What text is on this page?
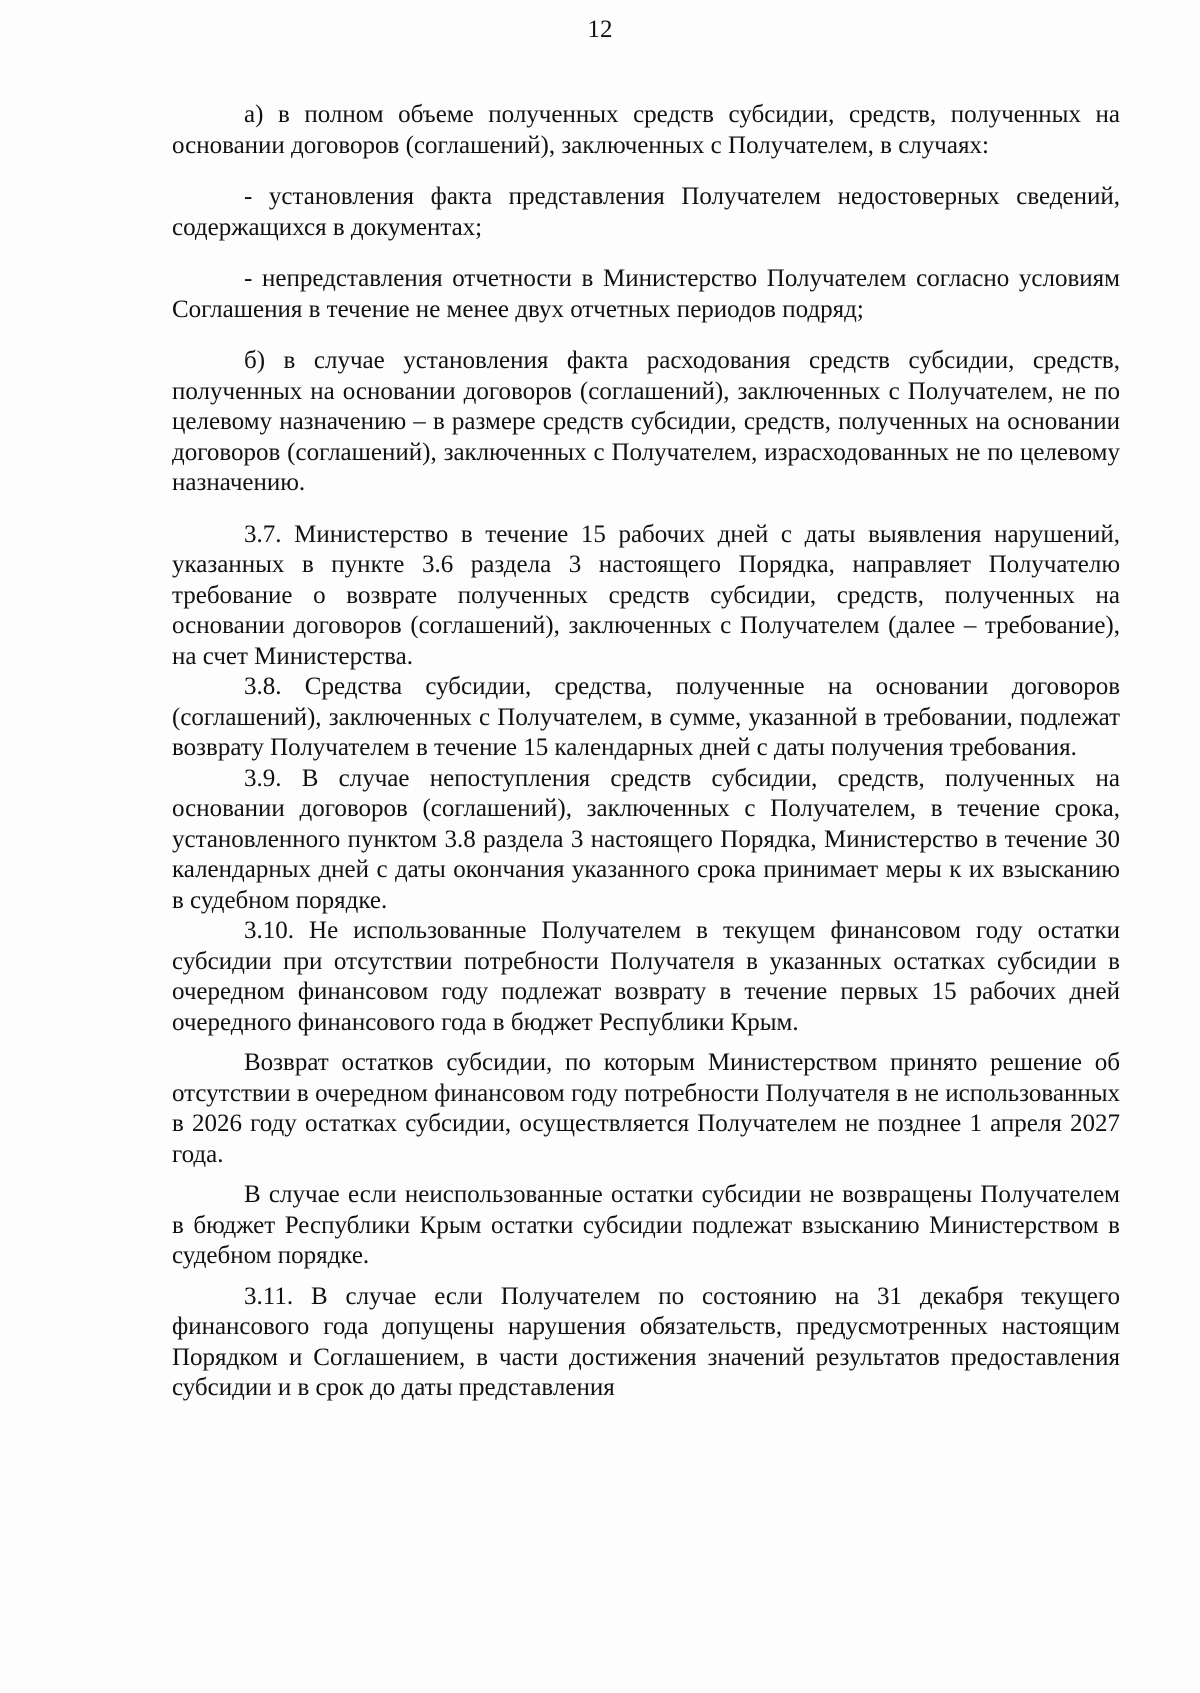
12

а) в полном объеме полученных средств субсидии, средств, полученных на основании договоров (соглашений), заключенных с Получателем, в случаях:

- установления факта представления Получателем недостоверных сведений, содержащихся в документах;

- непредставления отчетности в Министерство Получателем согласно условиям Соглашения в течение не менее двух отчетных периодов подряд;

б) в случае установления факта расходования средств субсидии, средств, полученных на основании договоров (соглашений), заключенных с Получателем, не по целевому назначению – в размере средств субсидии, средств, полученных на основании договоров (соглашений), заключенных с Получателем, израсходованных не по целевому назначению.

3.7. Министерство в течение 15 рабочих дней с даты выявления нарушений, указанных в пункте 3.6 раздела 3 настоящего Порядка, направляет Получателю требование о возврате полученных средств субсидии, средств, полученных на основании договоров (соглашений), заключенных с Получателем (далее – требование), на счет Министерства.

3.8. Средства субсидии, средства, полученные на основании договоров (соглашений), заключенных с Получателем, в сумме, указанной в требовании, подлежат возврату Получателем в течение 15 календарных дней с даты получения требования.

3.9. В случае непоступления средств субсидии, средств, полученных на основании договоров (соглашений), заключенных с Получателем, в течение срока, установленного пунктом 3.8 раздела 3 настоящего Порядка, Министерство в течение 30 календарных дней с даты окончания указанного срока принимает меры к их взысканию в судебном порядке.

3.10. Не использованные Получателем в текущем финансовом году остатки субсидии при отсутствии потребности Получателя в указанных остатках субсидии в очередном финансовом году подлежат возврату в течение первых 15 рабочих дней очередного финансового года в бюджет Республики Крым.

Возврат остатков субсидии, по которым Министерством принято решение об отсутствии в очередном финансовом году потребности Получателя в не использованных в 2026 году остатках субсидии, осуществляется Получателем не позднее 1 апреля 2027 года.

В случае если неиспользованные остатки субсидии не возвращены Получателем в бюджет Республики Крым остатки субсидии подлежат взысканию Министерством в судебном порядке.

3.11. В случае если Получателем по состоянию на 31 декабря текущего финансового года допущены нарушения обязательств, предусмотренных настоящим Порядком и Соглашением, в части достижения значений результатов предоставления субсидии и в срок до даты представления
